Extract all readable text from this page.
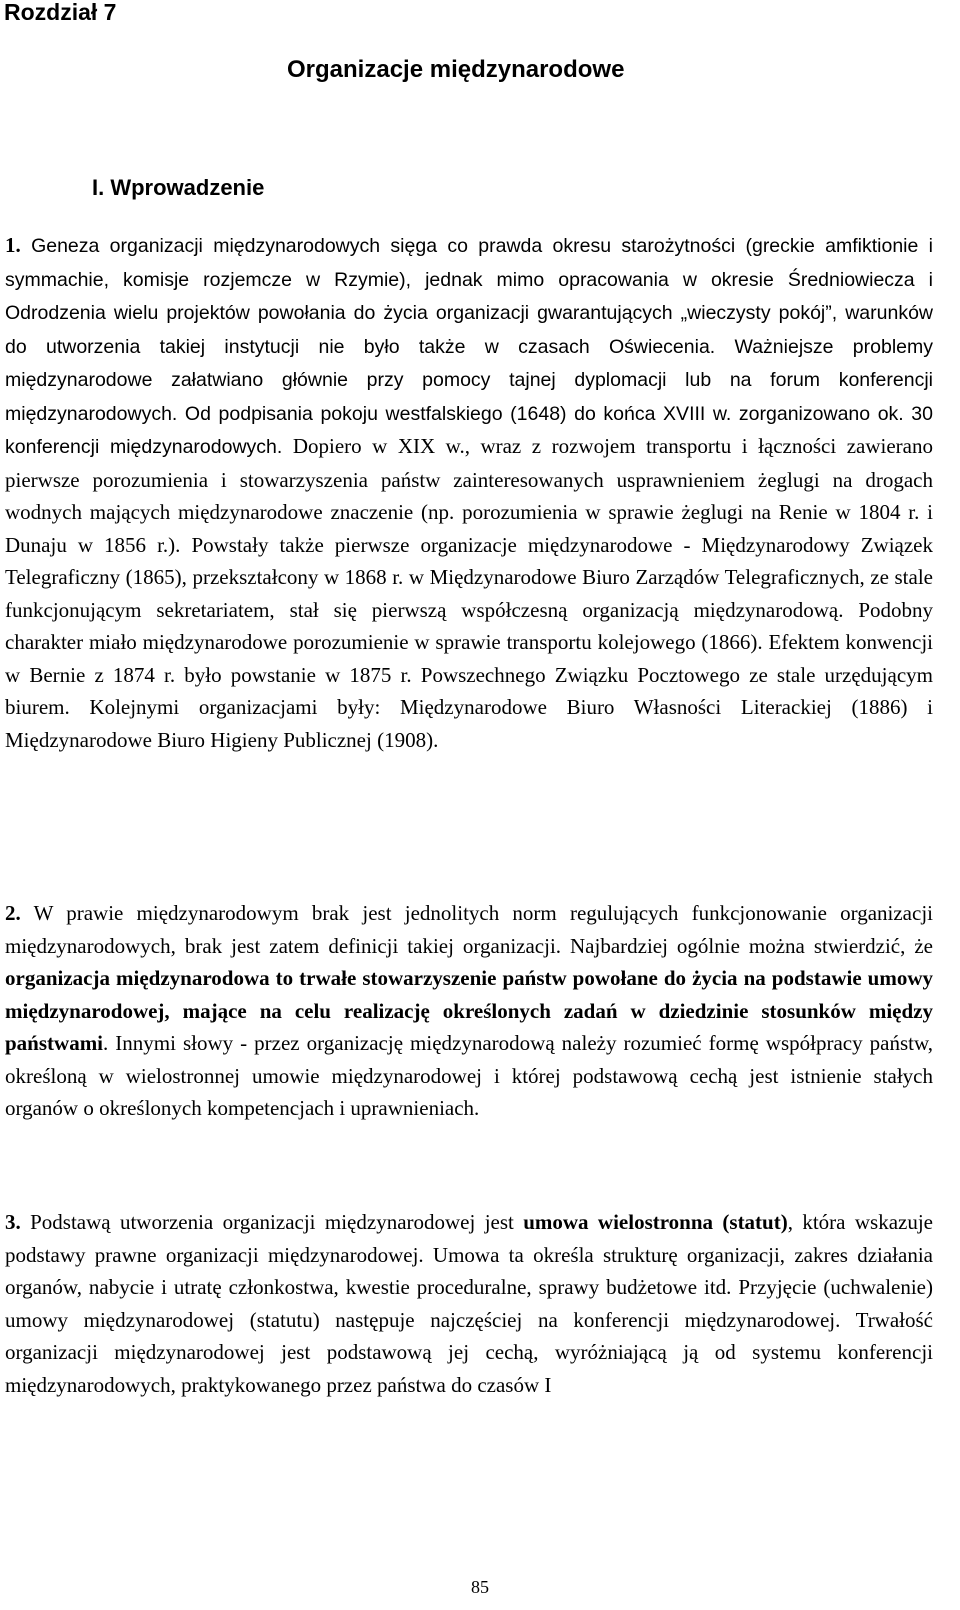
Rozdział 7
Organizacje międzynarodowe
I. Wprowadzenie

1. Geneza organizacji międzynarodowych sięga co prawda okresu starożytności (greckie amfiktionie i symmachie, komisje rozjemcze w Rzymie), jednak mimo opracowania w okresie Średniowiecza i Odrodzenia wielu projektów powołania do życia organizacji gwarantujących „wieczysty pokój”, warunków do utworzenia takiej instytucji nie było także w czasach Oświecenia. Ważniejsze problemy międzynarodowe załatwiano głównie przy pomocy tajnej dyplomacji lub na forum konferencji międzynarodowych. Od podpisania pokoju westfalskiego (1648) do końca XVIII w. zorganizowano ok. 30 konferencji międzynarodowych. Dopiero w XIX w., wraz z rozwojem transportu i łączności zawierano pierwsze porozumienia i stowarzyszenia państw zainteresowanych usprawnieniem żeglugi na drogach wodnych mających międzynarodowe znaczenie (np. porozumienia w sprawie żeglugi na Renie w 1804 r. i Dunaju w 1856 r.). Powstały także pierwsze organizacje międzynarodowe - Międzynarodowy Związek Telegraficzny (1865), przekształcony w 1868 r. w Międzynarodowe Biuro Zarządów Telegraficznych, ze stale funkcjonującym sekretariatem, stał się pierwszą współczesną organizacją międzynarodową. Podobny charakter miało międzynarodowe porozumienie w sprawie transportu kolejowego (1866). Efektem konwencji w Bernie z 1874 r. było powstanie w 1875 r. Powszechnego Związku Pocztowego ze stale urzędującym biurem. Kolejnymi organizacjami były: Międzynarodowe Biuro Własności Literackiej (1886) i Międzynarodowe Biuro Higieny Publicznej (1908).

2. W prawie międzynarodowym brak jest jednolitych norm regulujących funkcjonowanie organizacji międzynarodowych, brak jest zatem definicji takiej organizacji. Najbardziej ogólnie można stwierdzić, że organizacja międzynarodowa to trwałe stowarzyszenie państw powołane do życia na podstawie umowy międzynarodowej, mające na celu realizację określonych zadań w dziedzinie stosunków między państwami. Innymi słowy - przez organizację międzynarodową należy rozumieć formę współpracy państw, określoną w wielostronnej umowie międzynarodowej i której podstawową cechą jest istnienie stałych organów o określonych kompetencjach i uprawnieniach.

3. Podstawą utworzenia organizacji międzynarodowej jest umowa wielostronna (statut), która wskazuje podstawy prawne organizacji międzynarodowej. Umowa ta określa strukturę organizacji, zakres działania organów, nabycie i utratę członkostwa, kwestie proceduralne, sprawy budżetowe itd. Przyjęcie (uchwalenie) umowy międzynarodowej (statutu) następuje najczęściej na konferencji międzynarodowej. Trwałość organizacji międzynarodowej jest podstawową jej cechą, wyróżniającą ją od systemu konferencji międzynarodowych, praktykowanego przez państwa do czasów I

85
